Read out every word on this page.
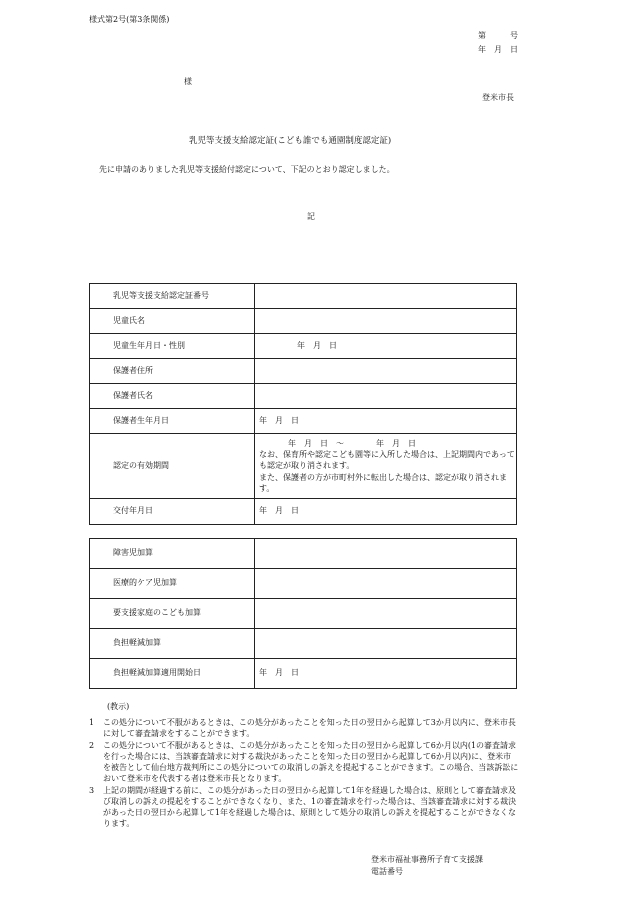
様式第2号(第3条関係)
第　　　号
年　月　日
様
登米市長
乳児等支援支給認定証(こども誰でも通園制度認定証)
先に申請のありました乳児等支援給付認定について、下記のとおり認定しました。
記
乳児等支援支給認定証番号	
児童氏名	
児童生年月日・性別	年　月　日
保護者住所	
保護者氏名	
保護者生年月日	年　月　日
認定の有効期間	年　月　日　～　　　　年　月　日
なお、保育所や認定こども園等に入所した場合は、上記期間内であっても認定が取り消されます。
また、保護者の方が市町村外に転出した場合は、認定が取り消されます。

交付年月日	年　月　日
障害児加算	
医療的ケア児加算	
要支援家庭のこども加算	
負担軽減加算	
負担軽減加算適用開始日	年　月　日
(教示)
1	この処分について不服があるときは、この処分があったことを知った日の翌日から起算して3か月以内に、登米市長に対して審査請求をすることができます。
2	この処分について不服があるときは、この処分があったことを知った日の翌日から起算して6か月以内(1の審査請求を行った場合には、当該審査請求に対する裁決があったことを知った日の翌日から起算して6か月以内)に、登米市を被告として仙台地方裁判所にこの処分についての取消しの訴えを提起することができます。この場合、当該訴訟において登米市を代表する者は登米市長となります。
3	上記の期間が経過する前に、この処分があった日の翌日から起算して1年を経過した場合は、原則として審査請求及び取消しの訴えの提起をすることができなくなり、また、1の審査請求を行った場合は、当該審査請求に対する裁決があった日の翌日から起算して1年を経過した場合は、原則として処分の取消しの訴えを提起することができなくなります。
登米市福祉事務所子育て支援課
電話番号
